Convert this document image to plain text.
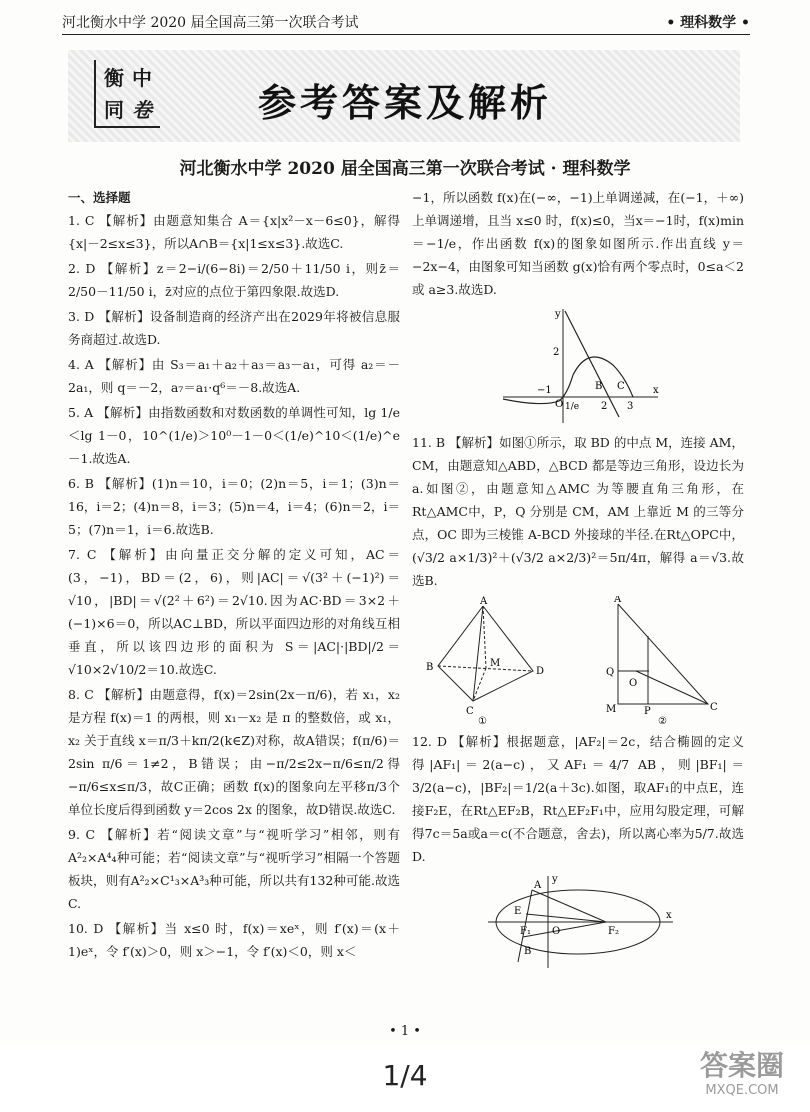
河北衡水中学 2020 届全国高三第一次联合考试	• 理科数学 •
衡 中
同 卷	参考答案及解析
河北衡水中学 2020 届全国高三第一次联合考试 · 理科数学
一、选择题

1. C 【解析】由题意知集合 A＝{x|x²－x－6≤0}，解得{x|－2≤x≤3}，所以A∩B＝{x|1≤x≤3}.故选C.

2. D 【解析】z＝2−i/(6−8i)＝2/50＋11/50 i，则z̄＝2/50－11/50 i，z̄对应的点位于第四象限.故选D.

3. D 【解析】设备制造商的经济产出在2029年将被信息服务商超过.故选D.

4. A 【解析】由 S₃＝a₁＋a₂＋a₃＝a₃－a₁，可得 a₂＝－2a₁，则 q＝－2，a₇＝a₁·q⁶＝－8.故选A.

5. A 【解析】由指数函数和对数函数的单调性可知，lg 1/e＜lg 1－0，10^(1/e)＞10⁰－1－0＜(1/e)^10＜(1/e)^e－1.故选A.

6. B 【解析】(1)n＝10，i＝0；(2)n＝5，i＝1；(3)n＝16，i＝2；(4)n＝8，i＝3；(5)n＝4，i＝4；(6)n＝2，i＝5；(7)n＝1，i＝6.故选B.

7. C 【解析】由向量正交分解的定义可知，AC＝(3，−1)，BD＝(2，6)，则|AC|＝√(3²＋(−1)²)＝√10，|BD|＝√(2²＋6²)＝2√10.因为AC·BD＝3×2＋(−1)×6＝0，所以AC⊥BD，所以平面四边形的对角线互相垂直，所以该四边形的面积为 S＝|AC|·|BD|/2＝√10×2√10/2＝10.故选C.

8. C 【解析】由题意得，f(x)＝2sin(2x－π/6)，若 x₁，x₂ 是方程 f(x)＝1 的两根，则 x₁－x₂ 是 π 的整数倍，或 x₁，x₂ 关于直线 x＝π/3＋kπ/2(k∈Z)对称，故A错误；f(π/6)＝2sin π/6＝1≠2，B错误；由−π/2≤2x−π/6≤π/2得−π/6≤x≤π/3，故C正确；函数 f(x)的图象向左平移π/3个单位长度后得到函数 y＝2cos 2x 的图象，故D错误.故选C.

9. C 【解析】若“阅读文章”与“视听学习”相邻，则有A²₂×A⁴₄种可能；若“阅读文章”与“视听学习”相隔一个答题板块，则有A²₂×C¹₃×A³₃种可能，所以共有132种可能.故选C.

10. D 【解析】当 x≤0 时，f(x)＝xeˣ，则 f′(x)＝(x＋1)eˣ，令 f′(x)＞0，则 x＞−1，令 f′(x)＜0，则 x＜

−1，所以函数 f(x)在(−∞，−1)上单调递减，在(−1，＋∞)上单调递增，且当 x≤0 时，f(x)≤0，当x＝−1时，f(x)min＝−1/e，作出函数 f(x)的图象如图所示.作出直线 y＝−2x−4，由图象可知当函数 g(x)恰有两个零点时，0≤a＜2 或 a≥3.故选D.

y
x
O
2
−1
1/e
B
2 3
C

11. B 【解析】如图①所示，取 BD 的中点 M，连接 AM，CM，由题意知△ABD，△BCD 都是等边三角形，设边长为 a.如图②，由题意知△AMC 为等腰直角三角形，在Rt△AMC中，P，Q 分别是 CM，AM 上靠近 M 的三等分点，OC 即为三棱锥 A-BCD 外接球的半径.在Rt△OPC中，(√3/2 a×1/3)²＋(√3/2 a×2/3)²＝5π/4π，解得 a＝√3.故选B.

A
B
C
D
M
①
A
Q
O
M	P	C
②

12. D 【解析】根据题意，|AF₂|＝2c，结合椭圆的定义得|AF₁|＝2(a−c)，又AF₁＝4/7 AB，则|BF₁|＝3/2(a−c)，|BF₂|＝1/2(a＋3c).如图，取AF₁的中点E，连接F₂E，在Rt△EF₂B，Rt△EF₂F₁中，应用勾股定理，可解得7c＝5a或a＝c(不合题意，舍去)，所以离心率为5/7.故选D.

A
E
F₁ O	F₂
B
x
y
• 1 •
1/4	答案圈
MXQE.COM
